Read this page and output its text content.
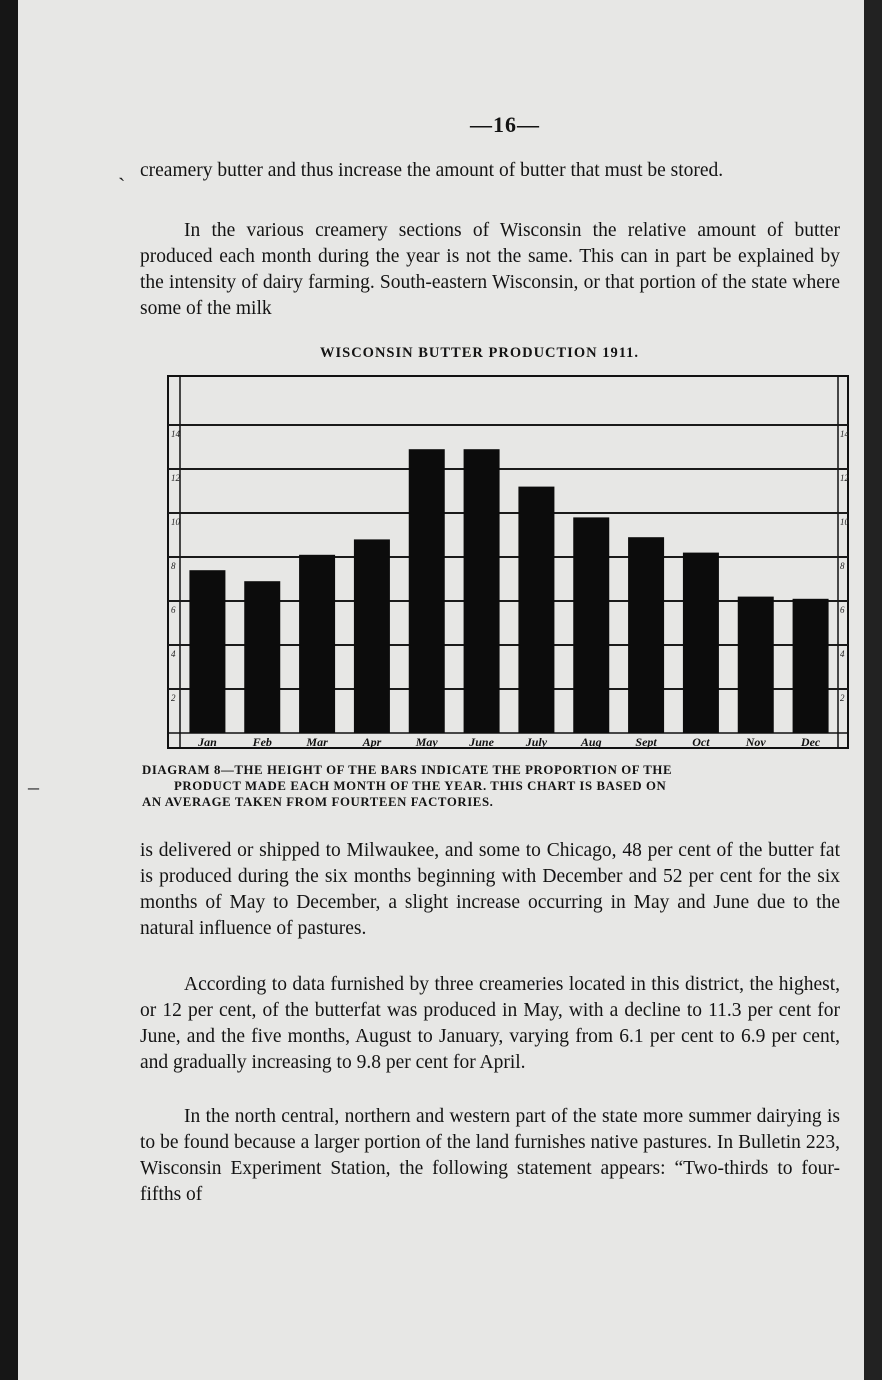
ˎ
–
—16—

creamery butter and thus increase the amount of butter that must be stored.

In the various creamery sections of Wisconsin the relative amount of butter produced each month during the year is not the same. This can in part be explained by the intensity of dairy farming. South-eastern Wisconsin, or that portion of the state where some of the milk

WISCONSIN BUTTER PRODUCTION 1911.
2
4
6
8
10
12
14
2
4
6
8
10
12
14
Jan	Feb	Mar	Apr	May	June	July	Aug	Sept	Oct	Nov	Dec

DIAGRAM 8—THE HEIGHT OF THE BARS INDICATE THE PROPORTION OF THE

PRODUCT MADE EACH MONTH OF THE YEAR. THIS CHART IS BASED ON
AN AVERAGE TAKEN FROM FOURTEEN FACTORIES.

is delivered or shipped to Milwaukee, and some to Chicago, 48 per cent of the butter fat is produced during the six months beginning with December and 52 per cent for the six months of May to December, a slight increase occurring in May and June due to the natural influence of pastures.

According to data furnished by three creameries located in this district, the highest, or 12 per cent, of the butterfat was produced in May, with a decline to 11.3 per cent for June, and the five months, August to January, varying from 6.1 per cent to 6.9 per cent, and gradually increasing to 9.8 per cent for April.

In the north central, northern and western part of the state more summer dairying is to be found because a larger portion of the land furnishes native pastures. In Bulletin 223, Wisconsin Experiment Station, the following statement appears: “Two-thirds to four-fifths of
